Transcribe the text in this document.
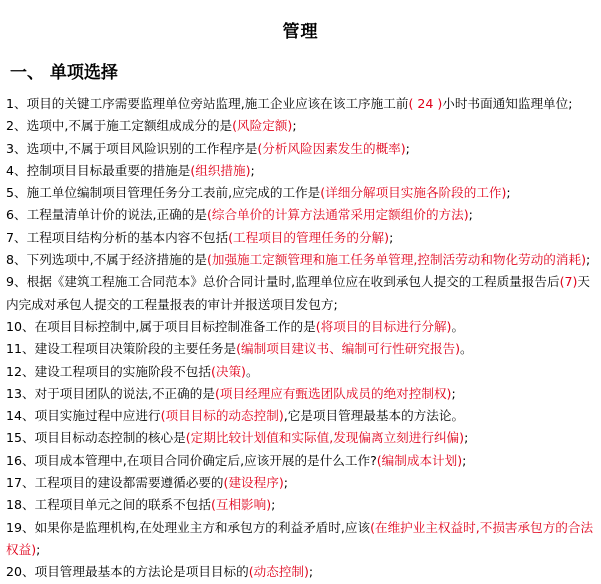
管理
一、 单项选择

1、项目的关键工序需要监理单位旁站监理,施工企业应该在该工序施工前( 24 )小时书面通知监理单位;

2、选项中,不属于施工定额组成成分的是(风险定额);

3、选项中,不属于项目风险识别的工作程序是(分析风险因素发生的概率);

4、控制项目目标最重要的措施是(组织措施);

5、施工单位编制项目管理任务分工表前,应完成的工作是(详细分解项目实施各阶段的工作);

6、工程量清单计价的说法,正确的是(综合单价的计算方法通常采用定额组价的方法);

7、工程项目结构分析的基本内容不包括(工程项目的管理任务的分解);

8、下列选项中,不属于经济措施的是(加强施工定额管理和施工任务单管理,控制活劳动和物化劳动的消耗);

9、根据《建筑工程施工合同范本》总价合同计量时,监理单位应在收到承包人提交的工程质量报告后(7)天内完成对承包人提交的工程量报表的审计并报送项目发包方;

10、在项目目标控制中,属于项目目标控制准备工作的是(将项目的目标进行分解)。

11、建设工程项目决策阶段的主要任务是(编制项目建议书、编制可行性研究报告)。

12、建设工程项目的实施阶段不包括(决策)。

13、对于项目团队的说法,不正确的是(项目经理应有甄选团队成员的绝对控制权);

14、项目实施过程中应进行(项目目标的动态控制),它是项目管理最基本的方法论。

15、项目目标动态控制的核心是(定期比较计划值和实际值,发现偏离立刻进行纠偏);

16、项目成本管理中,在项目合同价确定后,应该开展的是什么工作?(编制成本计划);

17、工程项目的建设都需要遵循必要的(建设程序);

18、工程项目单元之间的联系不包括(互相影响);

19、如果你是监理机构,在处理业主方和承包方的利益矛盾时,应该(在维护业主权益时,不损害承包方的合法权益);

20、项目管理最基本的方法论是项目目标的(动态控制);
